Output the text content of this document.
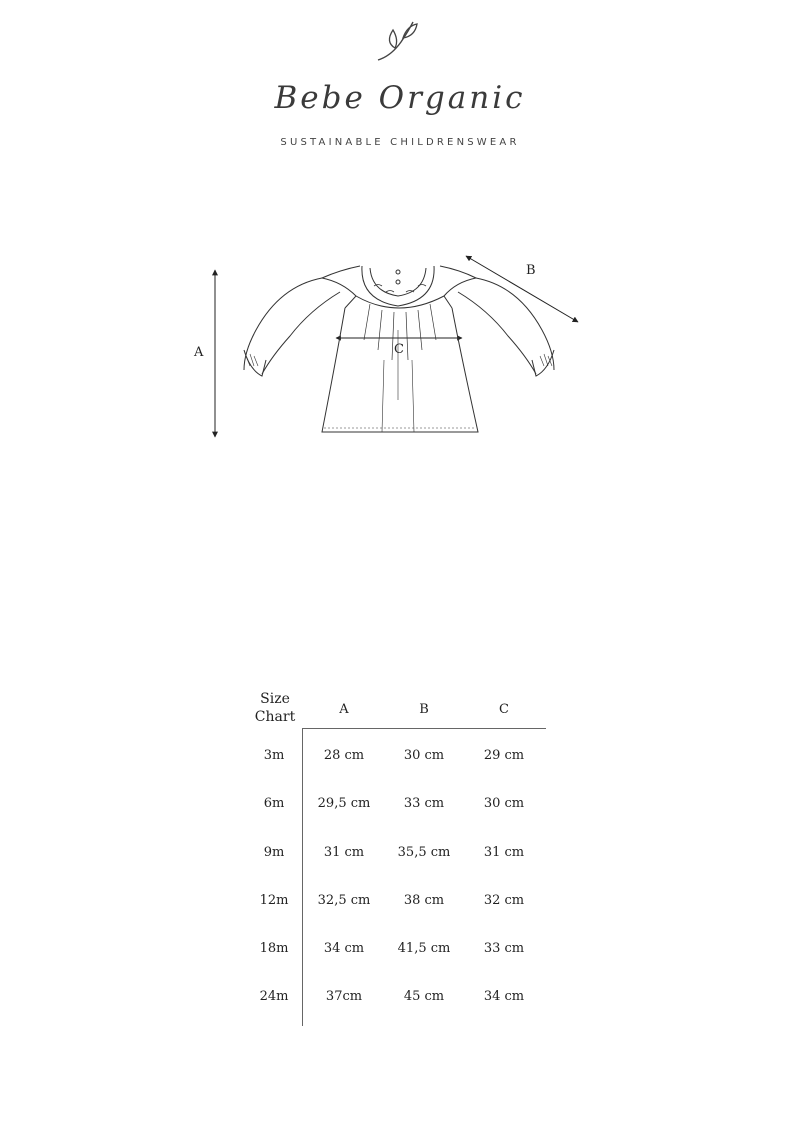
Bebe Organic
SUSTAINABLE CHILDRENSWEAR
A
B
C
Size
Chart	A	B	C
3m	28 cm	30 cm	29 cm
6m	29,5 cm	33 cm	30 cm
9m	31 cm	35,5 cm	31 cm
12m	32,5 cm	38 cm	32 cm
18m	34 cm	41,5 cm	33 cm
24m	37cm	45 cm	34 cm
